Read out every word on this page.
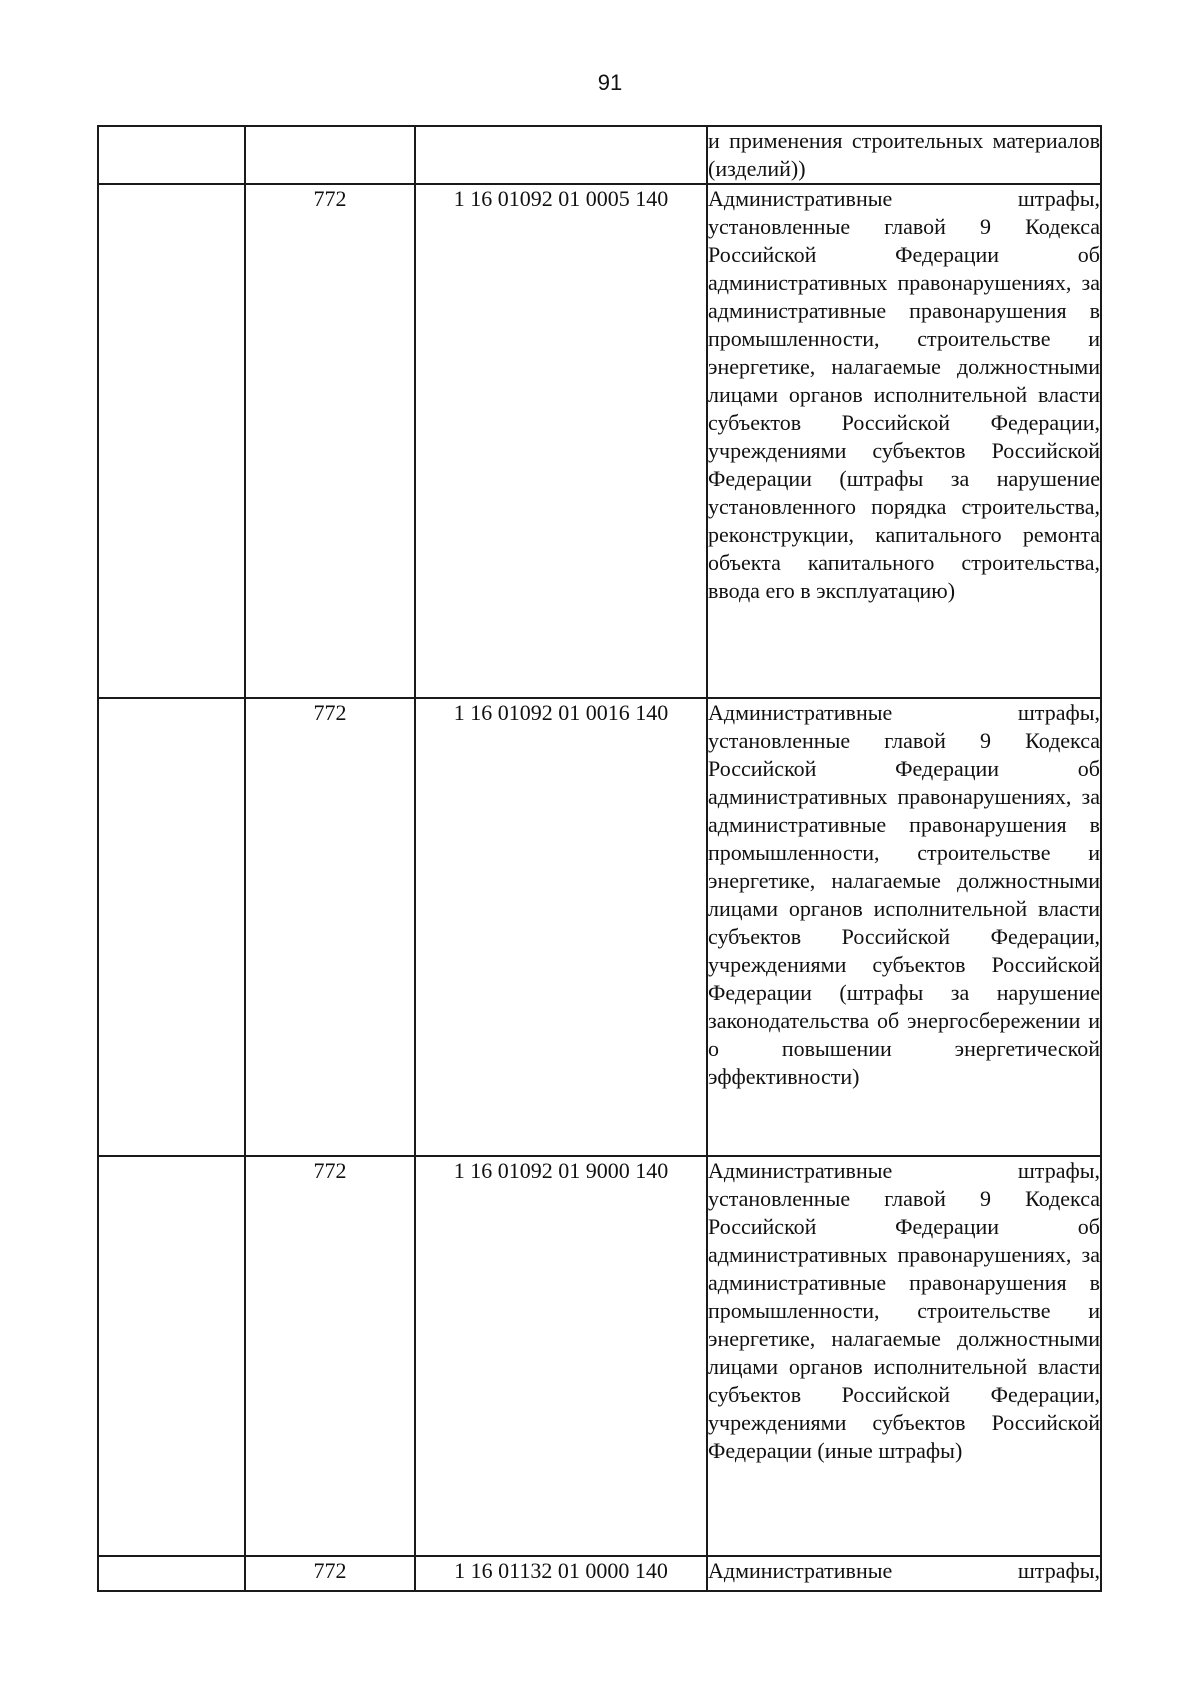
91

			и применения строительных материалов (изделий))

	772	1 16 01092 01 0005 140	Административные штрафы, установленные главой 9 Кодекса Российской Федерации об административных правонарушениях, за административные правонарушения в промышленности, строительстве и энергетике, налагаемые должностными лицами органов исполнительной власти субъектов Российской Федерации, учреждениями субъектов Российской Федерации (штрафы за нарушение установленного порядка строительства, реконструкции, капитального ремонта объекта капитального строительства, ввода его в эксплуатацию)

	772	1 16 01092 01 0016 140	Административные штрафы, установленные главой 9 Кодекса Российской Федерации об административных правонарушениях, за административные правонарушения в промышленности, строительстве и энергетике, налагаемые должностными лицами органов исполнительной власти субъектов Российской Федерации, учреждениями субъектов Российской Федерации (штрафы за нарушение законодательства об энергосбережении и о повышении энергетической эффективности)

	772	1 16 01092 01 9000 140	Административные штрафы, установленные главой 9 Кодекса Российской Федерации об административных правонарушениях, за административные правонарушения в промышленности, строительстве и энергетике, налагаемые должностными лицами органов исполнительной власти субъектов Российской Федерации, учреждениями субъектов Российской Федерации (иные штрафы)

	772	1 16 01132 01 0000 140	Административные штрафы,
